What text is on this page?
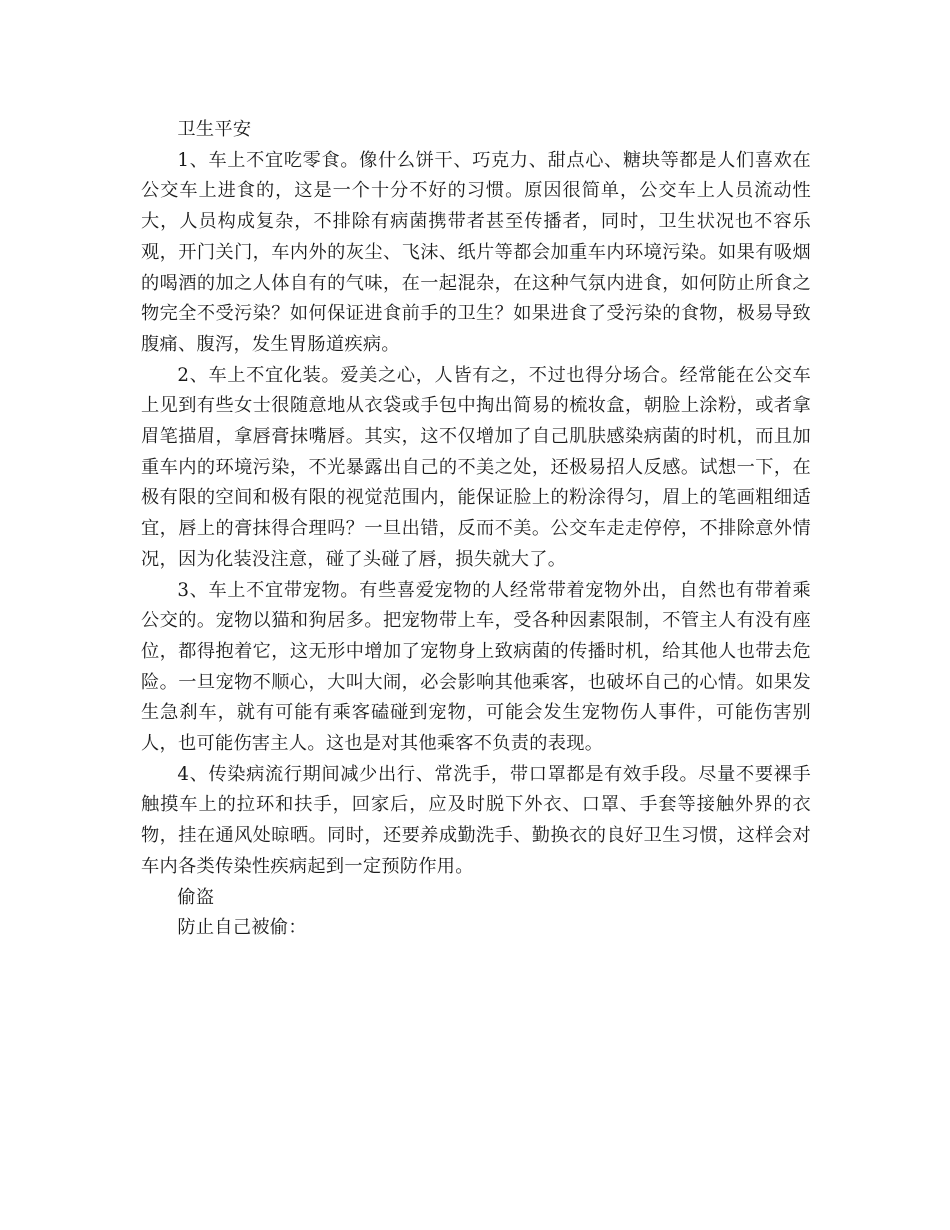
卫生平安

1、车上不宜吃零食。像什么饼干、巧克力、甜点心、糖块等都是人们喜欢在公交车上进食的，这是一个十分不好的习惯。原因很简单，公交车上人员流动性大，人员构成复杂，不排除有病菌携带者甚至传播者，同时，卫生状况也不容乐观，开门关门，车内外的灰尘、飞沫、纸片等都会加重车内环境污染。如果有吸烟的喝酒的加之人体自有的气味，在一起混杂，在这种气氛内进食，如何防止所食之物完全不受污染？如何保证进食前手的卫生？如果进食了受污染的食物，极易导致腹痛、腹泻，发生胃肠道疾病。

2、车上不宜化装。爱美之心，人皆有之，不过也得分场合。经常能在公交车上见到有些女士很随意地从衣袋或手包中掏出简易的梳妆盒，朝脸上涂粉，或者拿眉笔描眉，拿唇膏抹嘴唇。其实，这不仅增加了自己肌肤感染病菌的时机，而且加重车内的环境污染，不光暴露出自己的不美之处，还极易招人反感。试想一下，在极有限的空间和极有限的视觉范围内，能保证脸上的粉涂得匀，眉上的笔画粗细适宜，唇上的膏抹得合理吗？一旦出错，反而不美。公交车走走停停，不排除意外情况，因为化装没注意，碰了头碰了唇，损失就大了。

3、车上不宜带宠物。有些喜爱宠物的人经常带着宠物外出，自然也有带着乘公交的。宠物以猫和狗居多。把宠物带上车，受各种因素限制，不管主人有没有座位，都得抱着它，这无形中增加了宠物身上致病菌的传播时机，给其他人也带去危险。一旦宠物不顺心，大叫大闹，必会影响其他乘客，也破坏自己的心情。如果发生急刹车，就有可能有乘客磕碰到宠物，可能会发生宠物伤人事件，可能伤害别人，也可能伤害主人。这也是对其他乘客不负责的表现。

4、传染病流行期间减少出行、常洗手，带口罩都是有效手段。尽量不要裸手触摸车上的拉环和扶手，回家后，应及时脱下外衣、口罩、手套等接触外界的衣物，挂在通风处晾晒。同时，还要养成勤洗手、勤换衣的良好卫生习惯，这样会对车内各类传染性疾病起到一定预防作用。

偷盗

防止自己被偷：
